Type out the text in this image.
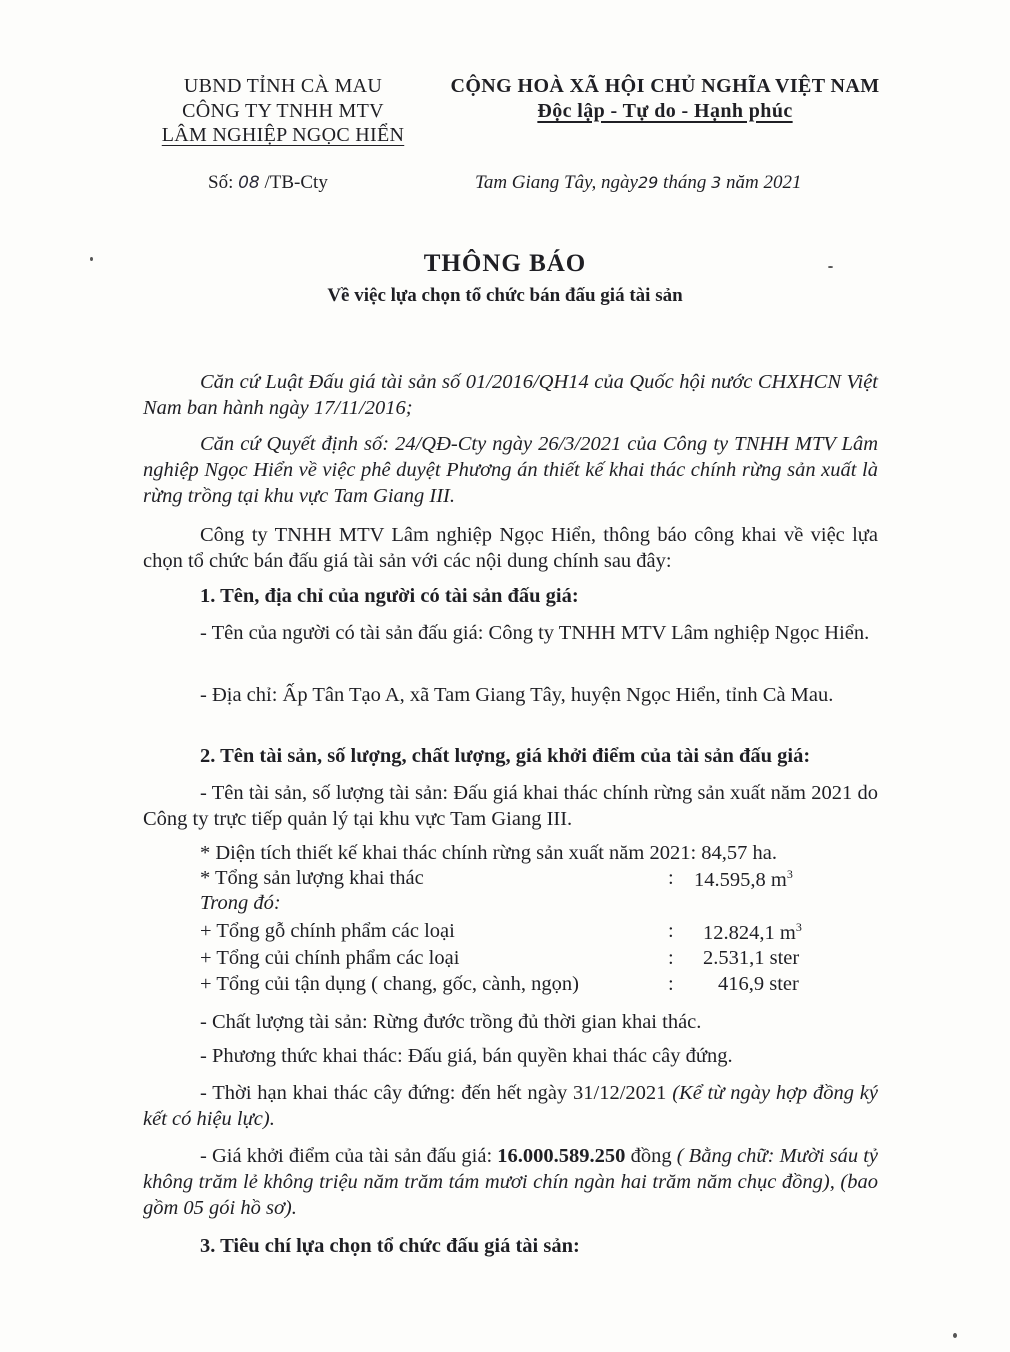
UBND TỈNH CÀ MAU
CÔNG TY TNHH MTV
LÂM NGHIỆP NGỌC HIỂN
CỘNG HOÀ XÃ HỘI CHỦ NGHĨA VIỆT NAM
Độc lập - Tự do - Hạnh phúc
Số: 08 /TB-Cty	Tam Giang Tây, ngày29 tháng 3 năm 2021
THÔNG BÁO
Về việc lựa chọn tổ chức bán đấu giá tài sản
Căn cứ Luật Đấu giá tài sản số 01/2016/QH14 của Quốc hội nước CHXHCN Việt Nam ban hành ngày 17/11/2016;
Căn cứ Quyết định số: 24/QĐ-Cty ngày 26/3/2021 của Công ty TNHH MTV Lâm nghiệp Ngọc Hiển về việc phê duyệt Phương án thiết kế khai thác chính rừng sản xuất là rừng trồng tại khu vực Tam Giang III.
Công ty TNHH MTV Lâm nghiệp Ngọc Hiển, thông báo công khai về việc lựa chọn tổ chức bán đấu giá tài sản với các nội dung chính sau đây:
1. Tên, địa chỉ của người có tài sản đấu giá:
- Tên của người có tài sản đấu giá: Công ty TNHH MTV Lâm nghiệp Ngọc Hiển.
- Địa chỉ: Ấp Tân Tạo A, xã Tam Giang Tây, huyện Ngọc Hiển, tỉnh Cà Mau.
2. Tên tài sản, số lượng, chất lượng, giá khởi điểm của tài sản đấu giá:
- Tên tài sản, số lượng tài sản: Đấu giá khai thác chính rừng sản xuất năm 2021 do Công ty trực tiếp quản lý tại khu vực Tam Giang III.
* Diện tích thiết kế khai thác chính rừng sản xuất năm 2021: 84,57 ha.
* Tổng sản lượng khai thác	: 14.595,8 $m^3$
Trong đó:
+ Tổng gỗ chính phẩm các loại	: 12.824,1 $m^3$
+ Tổng củi chính phẩm các loại	: 2.531,1 ster
+ Tổng củi tận dụng ( chang, gốc, cành, ngọn)	: 416,9 ster
- Chất lượng tài sản: Rừng đước trồng đủ thời gian khai thác.
- Phương thức khai thác: Đấu giá, bán quyền khai thác cây đứng.
- Thời hạn khai thác cây đứng: đến hết ngày 31/12/2021 (Kể từ ngày hợp đồng ký kết có hiệu lực).
- Giá khởi điểm của tài sản đấu giá: 16.000.589.250 đồng ( Bằng chữ: Mười sáu tỷ không trăm lẻ không triệu năm trăm tám mươi chín ngàn hai trăm năm chục đồng), (bao gồm 05 gói hồ sơ).
3. Tiêu chí lựa chọn tổ chức đấu giá tài sản:
